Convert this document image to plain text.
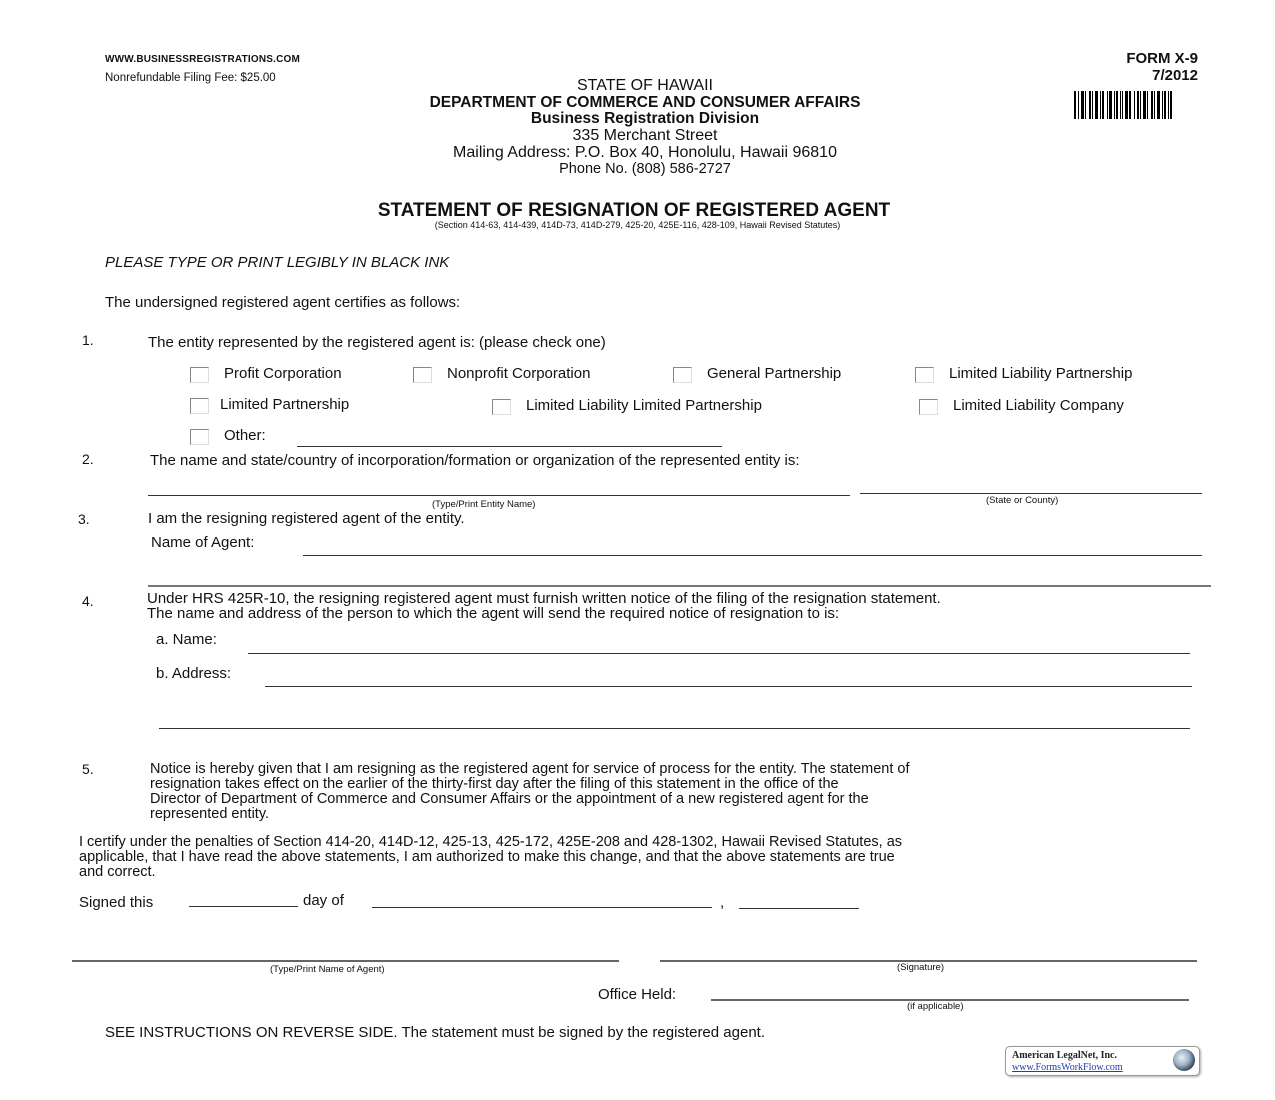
WWW.BUSINESSREGISTRATIONS.COM
Nonrefundable Filing Fee: $25.00
FORM X-9
7/2012
STATE OF HAWAII
DEPARTMENT OF COMMERCE AND CONSUMER AFFAIRS
Business Registration Division
335 Merchant Street
Mailing Address: P.O. Box 40, Honolulu, Hawaii 96810
Phone No. (808) 586-2727
STATEMENT OF RESIGNATION OF REGISTERED AGENT
(Section 414-63, 414-439, 414D-73, 414D-279, 425-20, 425E-116, 428-109, Hawaii Revised Statutes)
PLEASE TYPE OR PRINT LEGIBLY IN BLACK INK
The undersigned registered agent certifies as follows:
1.	The entity represented by the registered agent is: (please check one)
Profit Corporation	Nonprofit Corporation	General Partnership	Limited Liability Partnership
Limited Partnership	Limited Liability Limited Partnership	Limited Liability Company
Other:
2.	The name and state/country of incorporation/formation or organization of the represented entity is:
(Type/Print Entity Name)	(State or County)
3.	I am the resigning registered agent of the entity.
Name of Agent:
4.	Under HRS 425R-10, the resigning registered agent must furnish written notice of the filing of the resignation statement.
The name and address of the person to which the agent will send the required notice of resignation to is:
a. Name:
b. Address:
5.	Notice is hereby given that I am resigning as the registered agent for service of process for the entity. The statement of
resignation takes effect on the earlier of the thirty-first day after the filing of this statement in the office of the
Director of Department of Commerce and Consumer Affairs or the appointment of a new registered agent for the
represented entity.
I certify under the penalties of Section 414-20, 414D-12, 425-13, 425-172, 425E-208 and 428-1302, Hawaii Revised Statutes, as
applicable, that I have read the above statements, I am authorized to make this change, and that the above statements are true
and correct.
Signed this	day of	,
(Type/Print Name of Agent)	(Signature)
Office Held:
(if applicable)
SEE INSTRUCTIONS ON REVERSE SIDE. The statement must be signed by the registered agent.
American LegalNet, Inc.
www.FormsWorkFlow.com
